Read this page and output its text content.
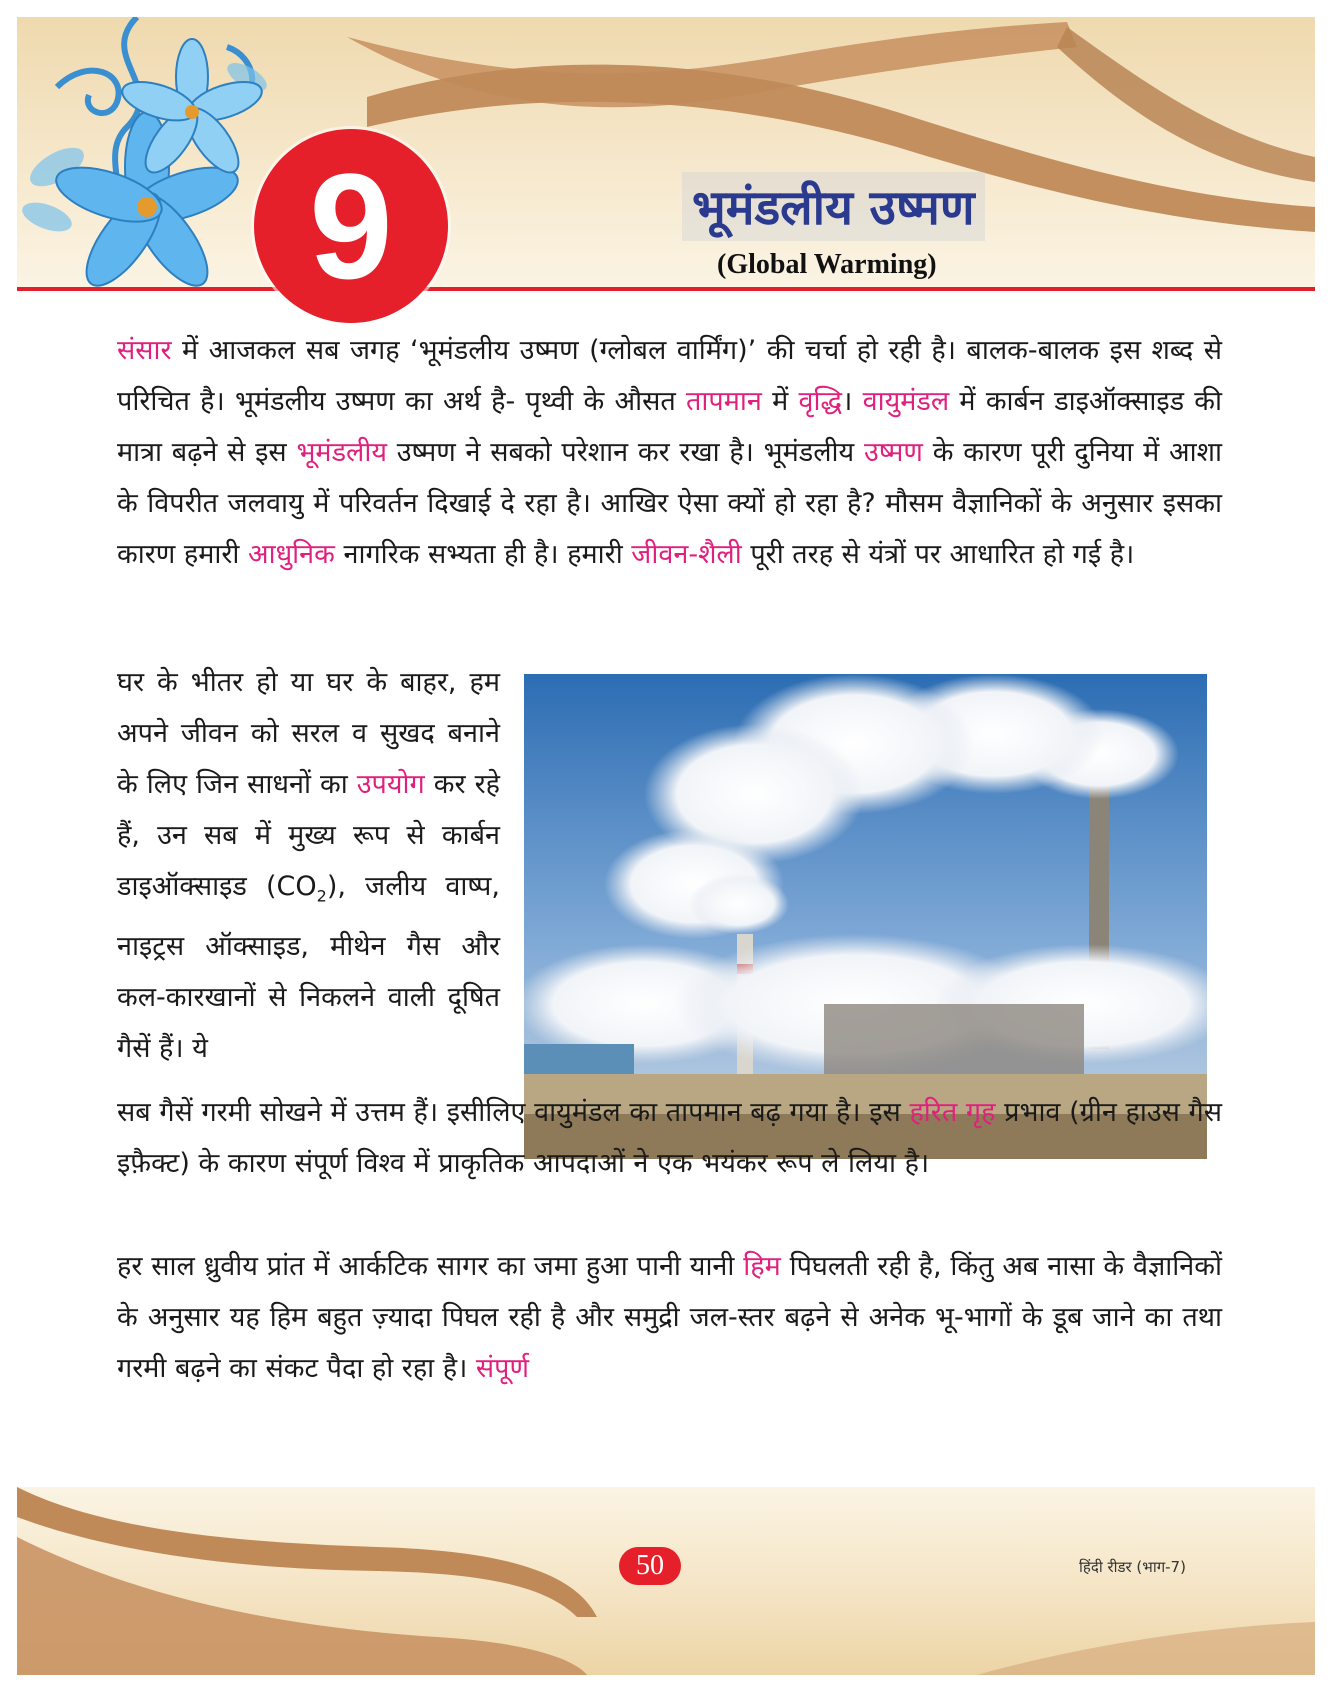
9	भूमंडलीय उष्मण
(Global Warming)
संसार में आजकल सब जगह ‘भूमंडलीय उष्मण (ग्लोबल वार्मिंग)’ की चर्चा हो रही है। बालक-बालक इस शब्द से परिचित है। भूमंडलीय उष्मण का अर्थ है- पृथ्वी के औसत तापमान में वृद्धि। वायुमंडल में कार्बन डाइऑक्साइड की मात्रा बढ़ने से इस भूमंडलीय उष्मण ने सबको परेशान कर रखा है। भूमंडलीय उष्मण के कारण पूरी दुनिया में आशा के विपरीत जलवायु में परिवर्तन दिखाई दे रहा है। आखिर ऐसा क्यों हो रहा है? मौसम वैज्ञानिकों के अनुसार इसका कारण हमारी आधुनिक नागरिक सभ्यता ही है। हमारी जीवन-शैली पूरी तरह से यंत्रों पर आधारित हो गई है।
घर के भीतर हो या घर के बाहर, हम अपने जीवन को सरल व सुखद बनाने के लिए जिन साधनों का उपयोग कर रहे हैं, उन सब में मुख्य रूप से कार्बन डाइऑक्साइड $(CO_2)$, जलीय वाष्प, नाइट्रस ऑक्साइड, मीथेन गैस और कल-कारखानों से निकलने वाली दूषित गैसें हैं। ये
सब गैसें गरमी सोखने में उत्तम हैं। इसीलिए वायुमंडल का तापमान बढ़ गया है। इस हरित गृह प्रभाव (ग्रीन हाउस गैस इफ़ैक्ट) के कारण संपूर्ण विश्व में प्राकृतिक आपदाओं ने एक भयंकर रूप ले लिया है।
हर साल ध्रुवीय प्रांत में आर्कटिक सागर का जमा हुआ पानी यानी हिम पिघलती रही है, किंतु अब नासा के वैज्ञानिकों के अनुसार यह हिम बहुत ज़्यादा पिघल रही है और समुद्री जल-स्तर बढ़ने से अनेक भू-भागों के डूब जाने का तथा गरमी बढ़ने का संकट पैदा हो रहा है। संपूर्ण
50	हिंदी रीडर (भाग-7)
